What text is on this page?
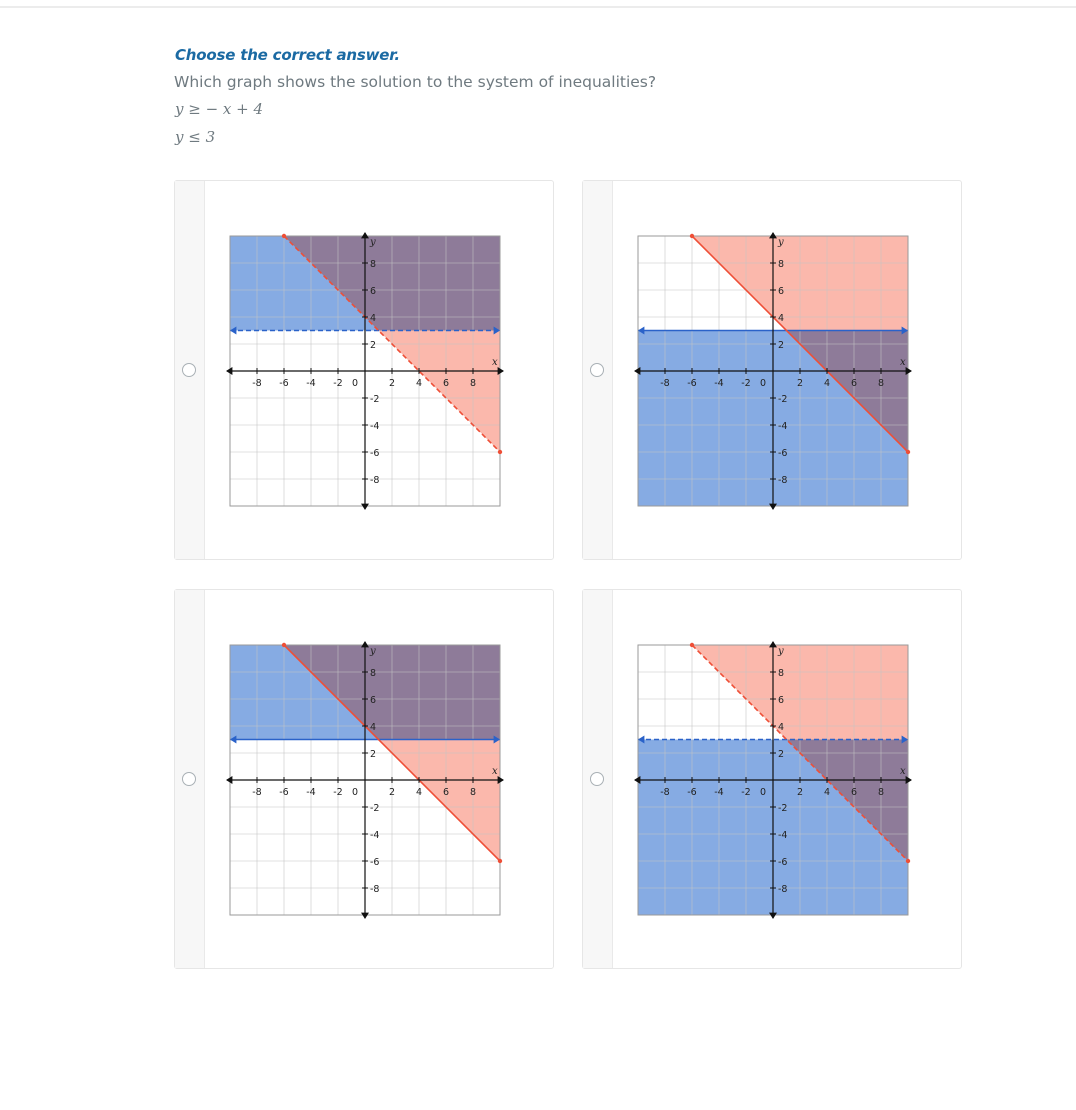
Choose the correct answer.
Which graph shows the solution to the system of inequalities?
y ≥ − x + 4
y ≤ 3
x
y
-8 -6 -4 -2 0	2 4 6 8
8
6
4
2
-2
-4
-6
-8
x
y
-8 -6 -4 -2 0	2 4 6 8
8
6
4
2
-2
-4
-6
-8
x
y
-8 -6 -4 -2 0	2 4 6 8
8
6
4
2
-2
-4
-6
-8
x
y
-8 -6 -4 -2 0	2 4 6 8
8
6
4
2
-2
-4
-6
-8
